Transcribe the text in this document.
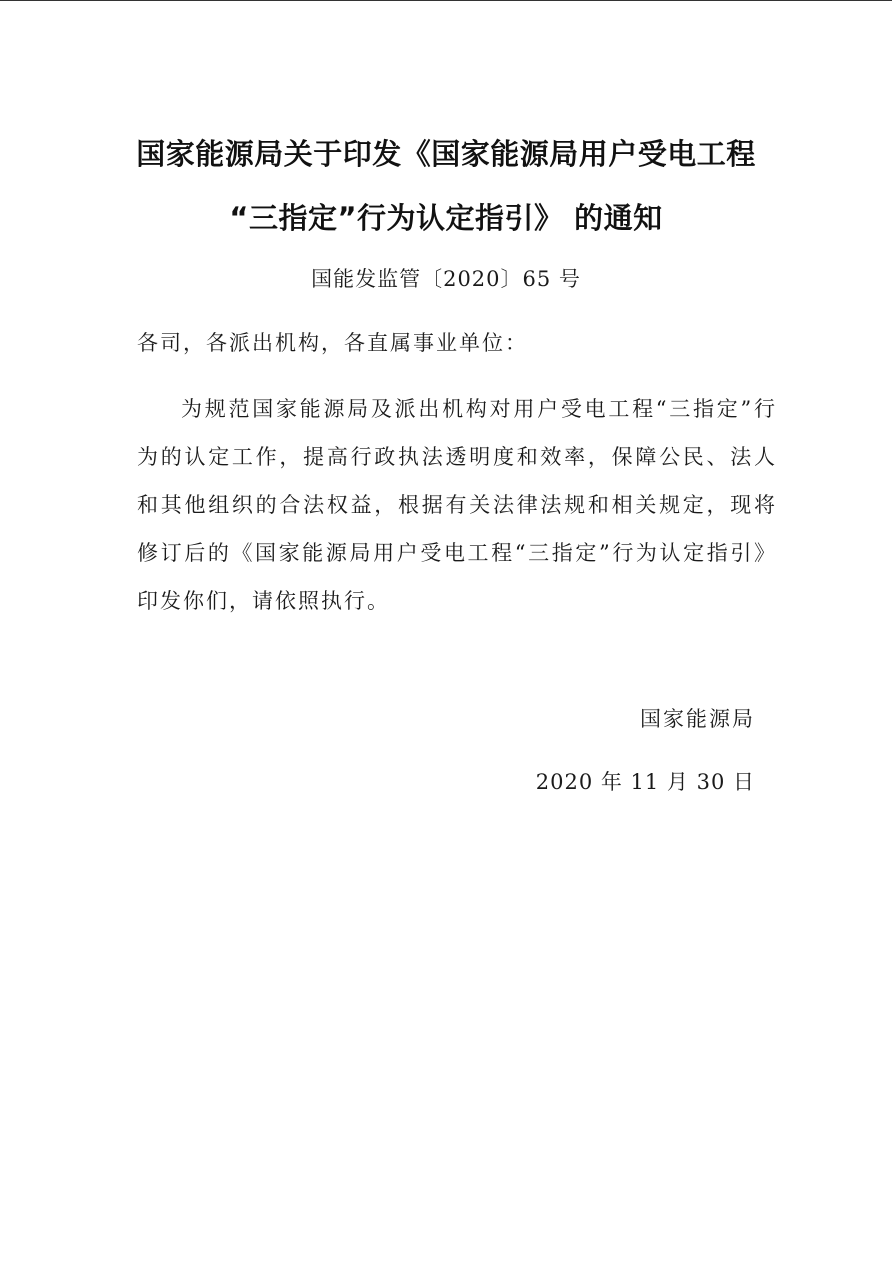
国家能源局关于印发《国家能源局用户受电工程
“三指定”行为认定指引》 的通知
国能发监管〔2020〕65 号
各司，各派出机构，各直属事业单位：
为规范国家能源局及派出机构对用户受电工程“三指定”行为的认定工作，提高行政执法透明度和效率，保障公民、法人和其他组织的合法权益，根据有关法律法规和相关规定，现将修订后的《国家能源局用户受电工程“三指定”行为认定指引》印发你们，请依照执行。
国家能源局
2020 年 11 月 30 日
